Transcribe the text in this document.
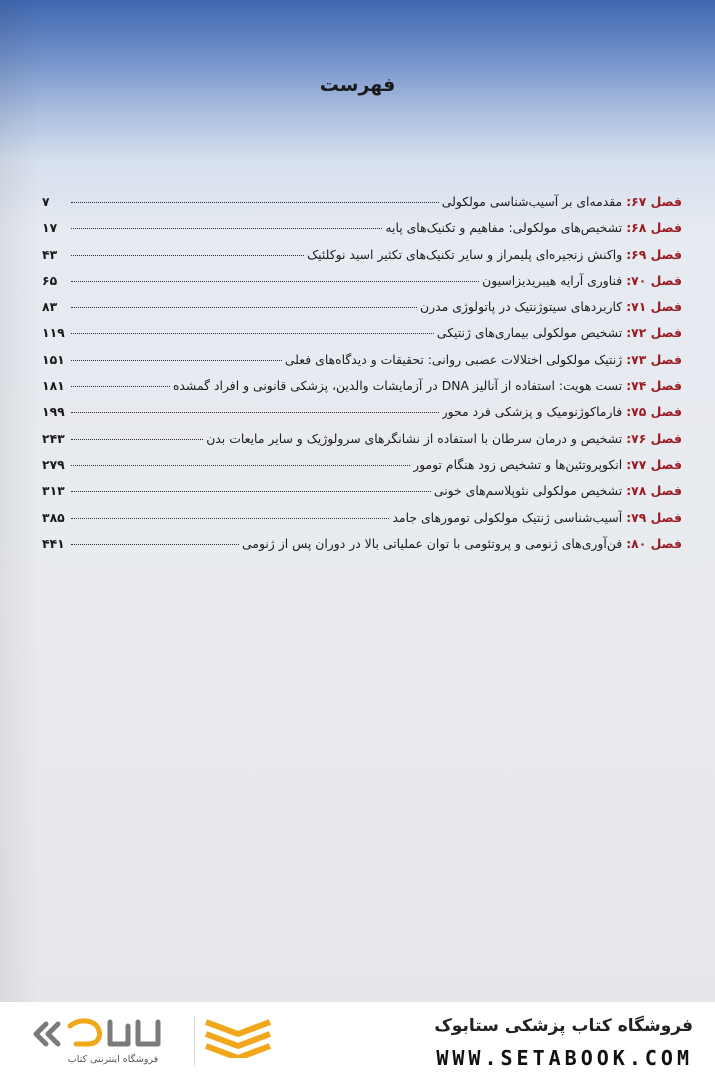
فهرست
فصل ۶۷:
مقدمه‌ای بر آسیب‌شناسی مولکولی
۷
فصل ۶۸:
تشخیص‌های مولکولی: مفاهیم و تکنیک‌های پایه
۱۷
فصل ۶۹:
واکنش زنجیره‌ای پلیمراز و سایر تکنیک‌های تکثیر اسید نوکلئیک
۴۳
فصل ۷۰:
فناوری آرایه هیبریدیزاسیون
۶۵
فصل ۷۱:
کاربردهای سیتوژنتیک در پاتولوژی مدرن
۸۳
فصل ۷۲:
تشخیص مولکولی بیماری‌های ژنتیکی
۱۱۹
فصل ۷۳:
ژنتیک مولکولی اختلالات عصبی روانی: تحقیقات و دیدگاه‌های فعلی
۱۵۱
فصل ۷۴:
تست هویت: استفاده از آنالیز DNA در آزمایشات والدین، پزشکی قانونی و افراد گمشده
۱۸۱
فصل ۷۵:
فارماکوژنومیک و پزشکی فرد محور
۱۹۹
فصل ۷۶:
تشخیص و درمان سرطان با استفاده از نشانگرهای سرولوژیک و سایر مایعات بدن
۲۴۳
فصل ۷۷:
انکوپروتئین‌ها و تشخیص زود هنگام تومور
۲۷۹
فصل ۷۸:
تشخیص مولکولی نئوپلاسم‌های خونی
۳۱۳
فصل ۷۹:
آسیب‌شناسی ژنتیک مولکولی تومورهای جامد
۳۸۵
فصل ۸۰:
فن‌آوری‌های ژنومی و پروتئومی با توان عملیاتی بالا در دوران پس از ژنومی
۴۴۱
فروشگاه اینترنتی کتاب
فروشگاه کتاب پزشکی ستابوک
WWW.SETABOOK.COM
